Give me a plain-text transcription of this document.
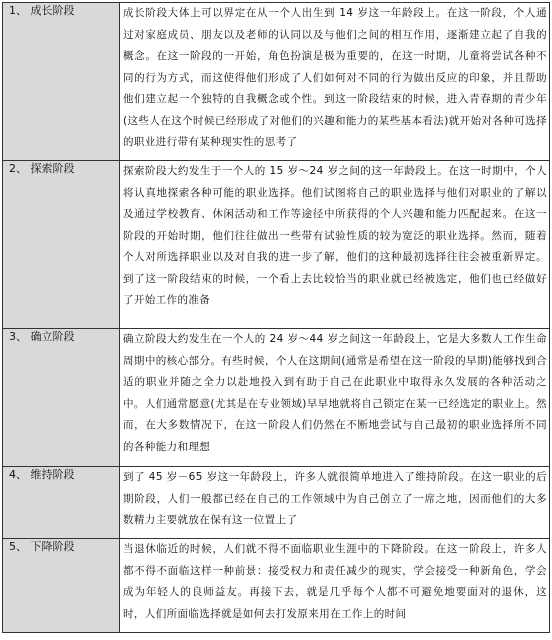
1、 成长阶段	成长阶段大体上可以界定在从一个人出生到 14 岁这一年龄段上。在这一阶段，个人通过对家庭成员、朋友以及老师的认同以及与他们之间的相互作用，逐渐建立起了自我的概念。在这一阶段的一开始，角色扮演是极为重要的，在这一时期，儿童将尝试各种不同的行为方式，而这使得他们形成了人们如何对不同的行为做出反应的印象，并且帮助他们建立起一个独特的自我概念或个性。到这一阶段结束的时候，进入青春期的青少年(这些人在这个时候已经形成了对他们的兴趣和能力的某些基本看法)就开始对各种可选择的职业进行带有某种现实性的思考了

2、 探索阶段	探索阶段大约发生于一个人的 15 岁～24 岁之间的这一年龄段上。在这一时期中，个人将认真地探索各种可能的职业选择。他们试图将自己的职业选择与他们对职业的了解以及通过学校教育、休闲活动和工作等途径中所获得的个人兴趣和能力匹配起来。在这一阶段的开始时期，他们往往做出一些带有试验性质的较为宽泛的职业选择。然而，随着个人对所选择职业以及对自我的进一步了解，他们的这种最初选择往往会被重新界定。到了这一阶段结束的时候，一个看上去比较恰当的职业就已经被选定，他们也已经做好了开始工作的准备

3、 确立阶段	确立阶段大约发生在一个人的 24 岁～44 岁之间这一年龄段上，它是大多数人工作生命周期中的核心部分。有些时候，个人在这期间(通常是希望在这一阶段的早期)能够找到合适的职业并随之全力以赴地投入到有助于自己在此职业中取得永久发展的各种活动之中。人们通常愿意(尤其是在专业领域)早早地就将自己锁定在某一已经选定的职业上。然而，在大多数情况下，在这一阶段人们仍然在不断地尝试与自己最初的职业选择所不同的各种能力和理想

4、 维持阶段	到了 45 岁－65 岁这一年龄段上，许多人就很简单地进入了维持阶段。在这一职业的后期阶段，人们一般都已经在自己的工作领域中为自己创立了一席之地，因而他们的大多数精力主要就放在保有这一位置上了

5、 下降阶段	当退休临近的时候，人们就不得不面临职业生涯中的下降阶段。在这一阶段上，许多人都不得不面临这样一种前景：接受权力和责任减少的现实，学会接受一种新角色，学会成为年轻人的良师益友。再接下去，就是几乎每个人都不可避免地要面对的退休，这时，人们所面临选择就是如何去打发原来用在工作上的时间
